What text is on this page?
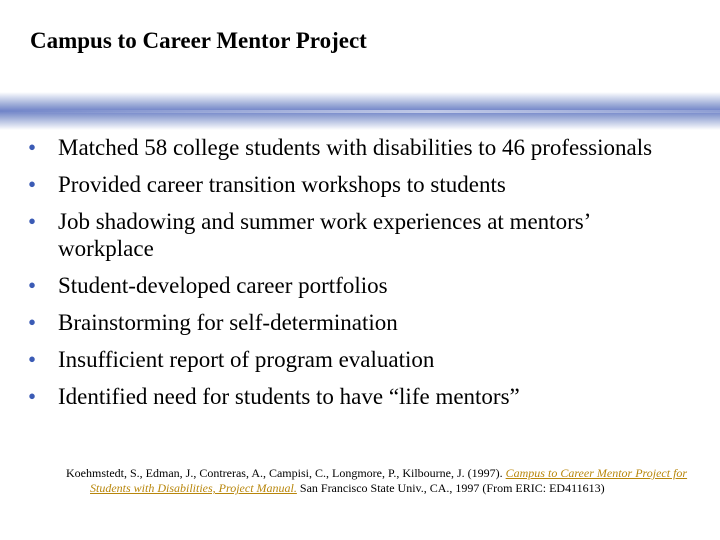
Campus to Career Mentor Project
• Matched 58 college students with disabilities to 46 professionals
• Provided career transition workshops to students
• Job shadowing and summer work experiences at mentors’ workplace
• Student-developed career portfolios
• Brainstorming for self-determination
• Insufficient report of program evaluation
• Identified need for students to have “life mentors”
Koehmstedt, S., Edman, J., Contreras, A., Campisi, C., Longmore, P., Kilbourne, J. (1997). Campus to Career Mentor Project for Students with Disabilities, Project Manual. San Francisco State Univ., CA., 1997 (From ERIC: ED411613)
